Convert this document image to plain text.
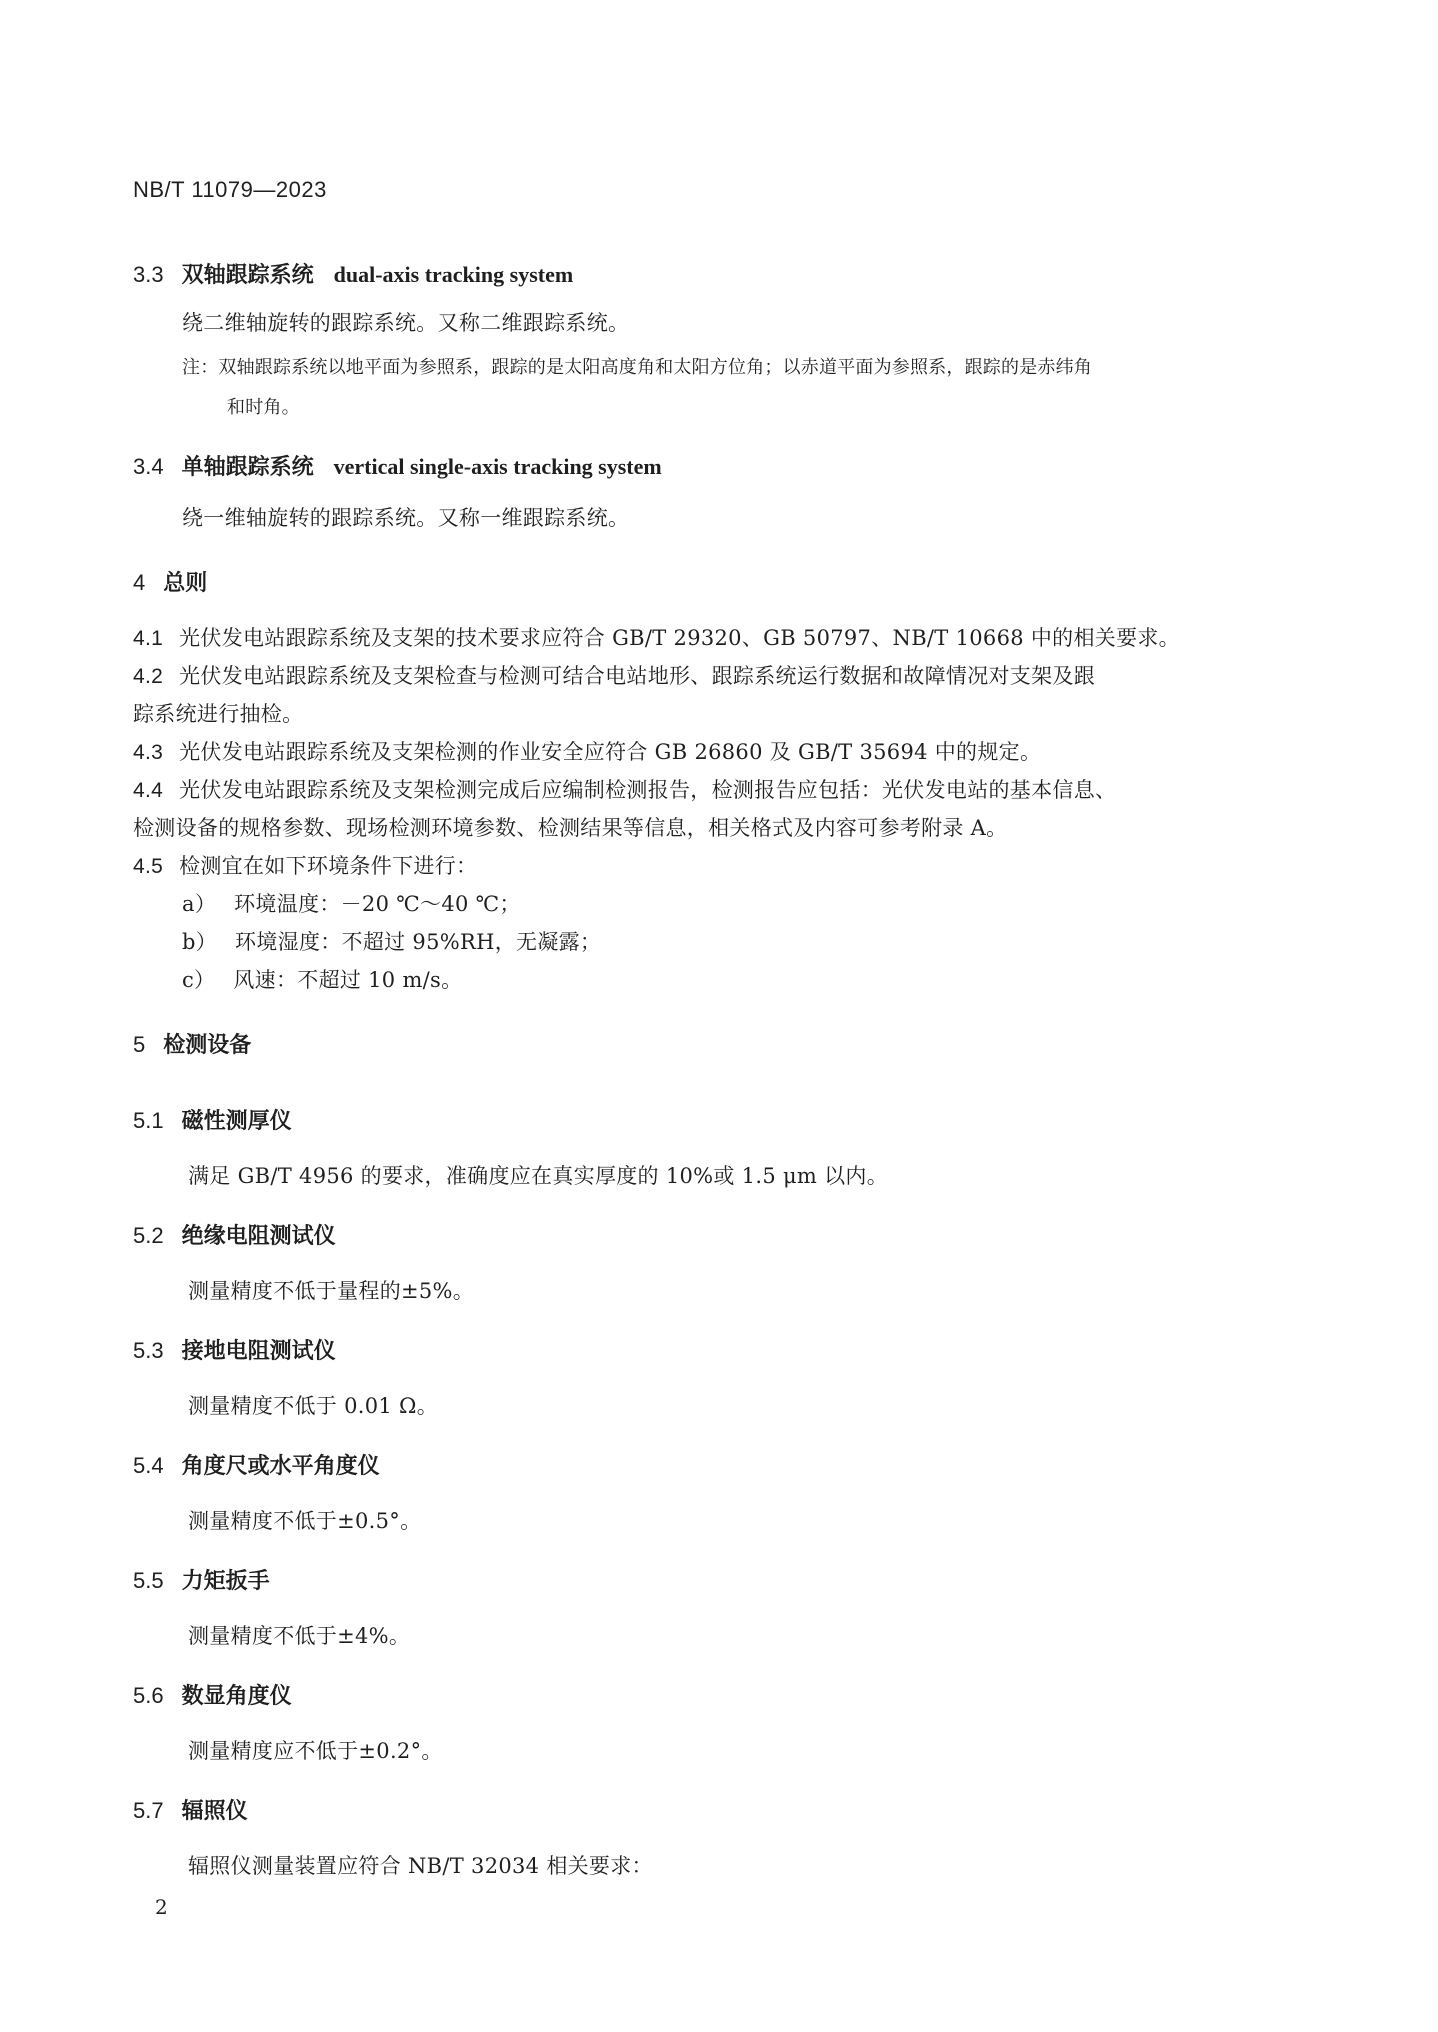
NB/T 11079—2023
3.3 双轴跟踪系统 dual-axis tracking system
绕二维轴旋转的跟踪系统。又称二维跟踪系统。
注：双轴跟踪系统以地平面为参照系，跟踪的是太阳高度角和太阳方位角；以赤道平面为参照系，跟踪的是赤纬角
和时角。
3.4 单轴跟踪系统 vertical single-axis tracking system
绕一维轴旋转的跟踪系统。又称一维跟踪系统。
4 总则
4.1 光伏发电站跟踪系统及支架的技术要求应符合 GB/T 29320、GB 50797、NB/T 10668 中的相关要求。
4.2 光伏发电站跟踪系统及支架检查与检测可结合电站地形、跟踪系统运行数据和故障情况对支架及跟
踪系统进行抽检。
4.3 光伏发电站跟踪系统及支架检测的作业安全应符合 GB 26860 及 GB/T 35694 中的规定。
4.4 光伏发电站跟踪系统及支架检测完成后应编制检测报告，检测报告应包括：光伏发电站的基本信息、
检测设备的规格参数、现场检测环境参数、检测结果等信息，相关格式及内容可参考附录 A。
4.5 检测宜在如下环境条件下进行：
a） 环境温度：－20 ℃～40 ℃；
b） 环境湿度：不超过 95%RH，无凝露；
c） 风速：不超过 10 m/s。
5 检测设备
5.1 磁性测厚仪
满足 GB/T 4956 的要求，准确度应在真实厚度的 10%或 1.5 μm 以内。
5.2 绝缘电阻测试仪
测量精度不低于量程的±5%。
5.3 接地电阻测试仪
测量精度不低于 0.01 Ω。
5.4 角度尺或水平角度仪
测量精度不低于±0.5°。
5.5 力矩扳手
测量精度不低于±4%。
5.6 数显角度仪
测量精度应不低于±0.2°。
5.7 辐照仪
辐照仪测量装置应符合 NB/T 32034 相关要求：
2
